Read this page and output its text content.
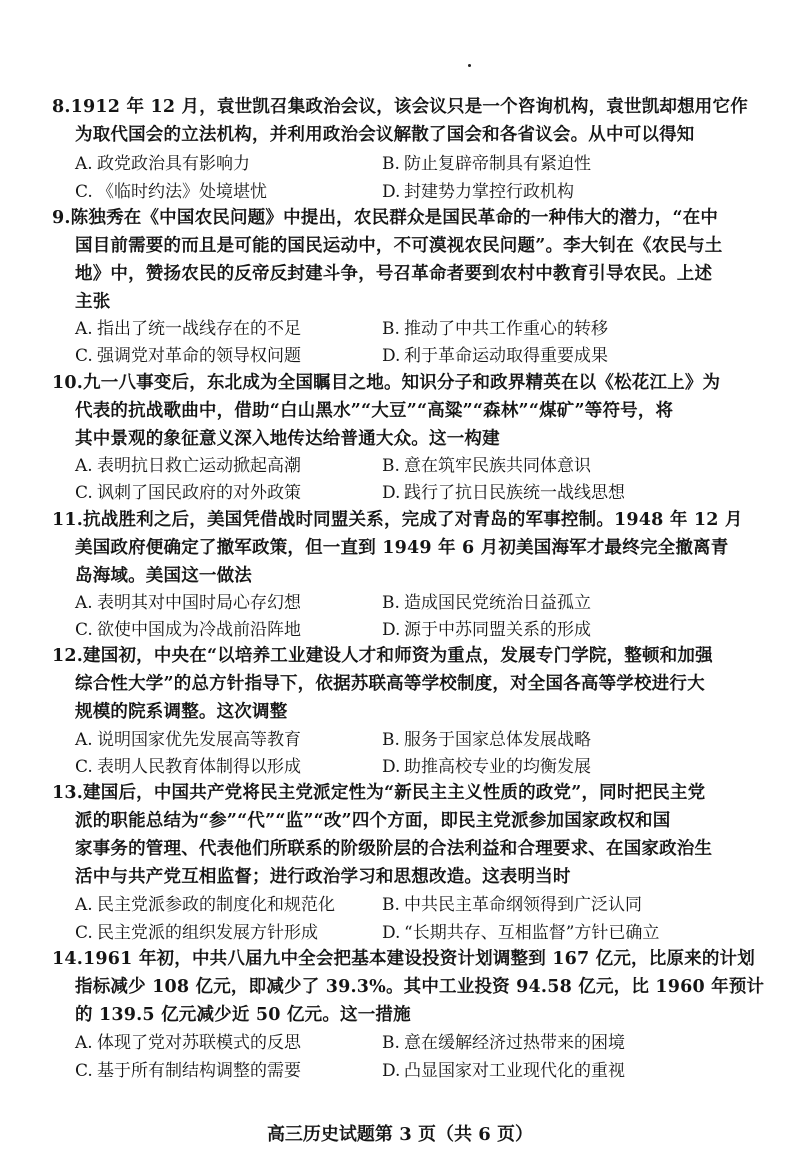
8.1912 年 12 月，袁世凯召集政治会议，该会议只是一个咨询机构，袁世凯却想用它作
为取代国会的立法机构，并利用政治会议解散了国会和各省议会。从中可以得知
A. 政党政治具有影响力	B. 防止复辟帝制具有紧迫性
C. 《临时约法》处境堪忧	D. 封建势力掌控行政机构
9.陈独秀在《中国农民问题》中提出，农民群众是国民革命的一种伟大的潜力，“在中
国目前需要的而且是可能的国民运动中，不可漠视农民问题”。李大钊在《农民与土
地》中，赞扬农民的反帝反封建斗争，号召革命者要到农村中教育引导农民。上述
主张
A. 指出了统一战线存在的不足	B. 推动了中共工作重心的转移
C. 强调党对革命的领导权问题	D. 利于革命运动取得重要成果
10.九一八事变后，东北成为全国瞩目之地。知识分子和政界精英在以《松花江上》为
代表的抗战歌曲中，借助“白山黑水”“大豆”“高粱”“森林”“煤矿”等符号，将
其中景观的象征意义深入地传达给普通大众。这一构建
A. 表明抗日救亡运动掀起高潮	B. 意在筑牢民族共同体意识
C. 讽刺了国民政府的对外政策	D. 践行了抗日民族统一战线思想
11.抗战胜利之后，美国凭借战时同盟关系，完成了对青岛的军事控制。1948 年 12 月
美国政府便确定了撤军政策，但一直到 1949 年 6 月初美国海军才最终完全撤离青
岛海域。美国这一做法
A. 表明其对中国时局心存幻想	B. 造成国民党统治日益孤立
C. 欲使中国成为冷战前沿阵地	D. 源于中苏同盟关系的形成
12.建国初，中央在“以培养工业建设人才和师资为重点，发展专门学院，整顿和加强
综合性大学”的总方针指导下，依据苏联高等学校制度，对全国各高等学校进行大
规模的院系调整。这次调整
A. 说明国家优先发展高等教育	B. 服务于国家总体发展战略
C. 表明人民教育体制得以形成	D. 助推高校专业的均衡发展
13.建国后，中国共产党将民主党派定性为“新民主主义性质的政党”，同时把民主党
派的职能总结为“参”“代”“监”“改”四个方面，即民主党派参加国家政权和国
家事务的管理、代表他们所联系的阶级阶层的合法利益和合理要求、在国家政治生
活中与共产党互相监督；进行政治学习和思想改造。这表明当时
A. 民主党派参政的制度化和规范化	B. 中共民主革命纲领得到广泛认同
C. 民主党派的组织发展方针形成	D. “长期共存、互相监督”方针已确立
14.1961 年初，中共八届九中全会把基本建设投资计划调整到 167 亿元，比原来的计划
指标减少 108 亿元，即减少了 39.3%。其中工业投资 94.58 亿元，比 1960 年预计
的 139.5 亿元减少近 50 亿元。这一措施
A. 体现了党对苏联模式的反思	B. 意在缓解经济过热带来的困境
C. 基于所有制结构调整的需要	D. 凸显国家对工业现代化的重视
高三历史试题第 3 页（共 6 页）
